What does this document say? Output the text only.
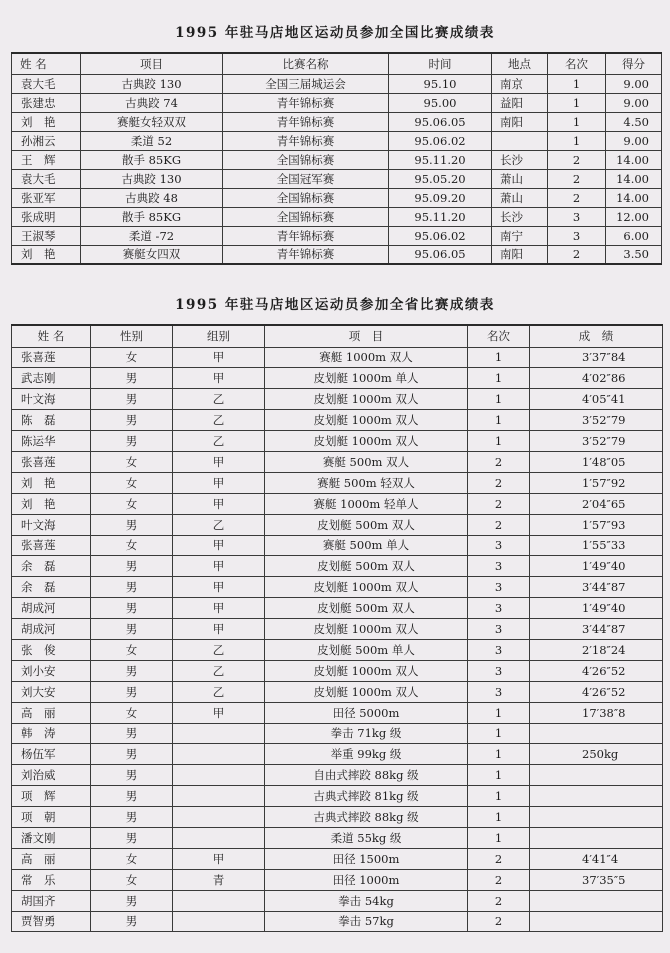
1995 年驻马店地区运动员参加全国比赛成绩表
姓 名	项目	比赛名称	时间	地点	名次	得分
袁大毛	古典跤 130	全国三届城运会	95.10	南京	1	9.00
张建忠	古典跤 74	青年锦标赛	95.00	益阳	1	9.00
刘　艳	赛艇女轻双双	青年锦标赛	95.06.05	南阳	1	4.50
孙湘云	柔道 52	青年锦标赛	95.06.02		1	9.00
王　辉	散手 85KG	全国锦标赛	95.11.20	长沙	2	14.00
袁大毛	古典跤 130	全国冠军赛	95.05.20	萧山	2	14.00
张亚军	古典跤 48	全国锦标赛	95.09.20	萧山	2	14.00
张成明	散手 85KG	全国锦标赛	95.11.20	长沙	3	12.00
王淑琴	柔道 -72	青年锦标赛	95.06.02	南宁	3	6.00
刘　艳	赛艇女四双	青年锦标赛	95.06.05	南阳	2	3.50
1995 年驻马店地区运动员参加全省比赛成绩表
姓 名	性别	组别	项　目	名次	成　绩
张喜莲	女	甲	赛艇 1000m 双人	1	3′37″84
武志刚	男	甲	皮划艇 1000m 单人	1	4′02″86
叶文海	男	乙	皮划艇 1000m 双人	1	4′05″41
陈　磊	男	乙	皮划艇 1000m 双人	1	3′52″79
陈运华	男	乙	皮划艇 1000m 双人	1	3′52″79
张喜莲	女	甲	赛艇 500m 双人	2	1′48″05
刘　艳	女	甲	赛艇 500m 轻双人	2	1′57″92
刘　艳	女	甲	赛艇 1000m 轻单人	2	2′04″65
叶文海	男	乙	皮划艇 500m 双人	2	1′57″93
张喜莲	女	甲	赛艇 500m 单人	3	1′55″33
余　磊	男	甲	皮划艇 500m 双人	3	1′49″40
余　磊	男	甲	皮划艇 1000m 双人	3	3′44″87
胡成河	男	甲	皮划艇 500m 双人	3	1′49″40
胡成河	男	甲	皮划艇 1000m 双人	3	3′44″87
张　俊	女	乙	皮划艇 500m 单人	3	2′18″24
刘小安	男	乙	皮划艇 1000m 双人	3	4′26″52
刘大安	男	乙	皮划艇 1000m 双人	3	4′26″52
高　丽	女	甲	田径 5000m	1	17′38″8
韩　涛	男		拳击 71kg 级	1	
杨伍军	男		举重 99kg 级	1	250kg
刘治威	男		自由式摔跤 88kg 级	1	
项　辉	男		古典式摔跤 81kg 级	1	
项　朝	男		古典式摔跤 88kg 级	1	
潘文刚	男		柔道 55kg 级	1	
高　丽	女	甲	田径 1500m	2	4′41″4
常　乐	女	青	田径 1000m	2	37′35″5
胡国齐	男		拳击 54kg	2	
贾智勇	男		拳击 57kg	2	
